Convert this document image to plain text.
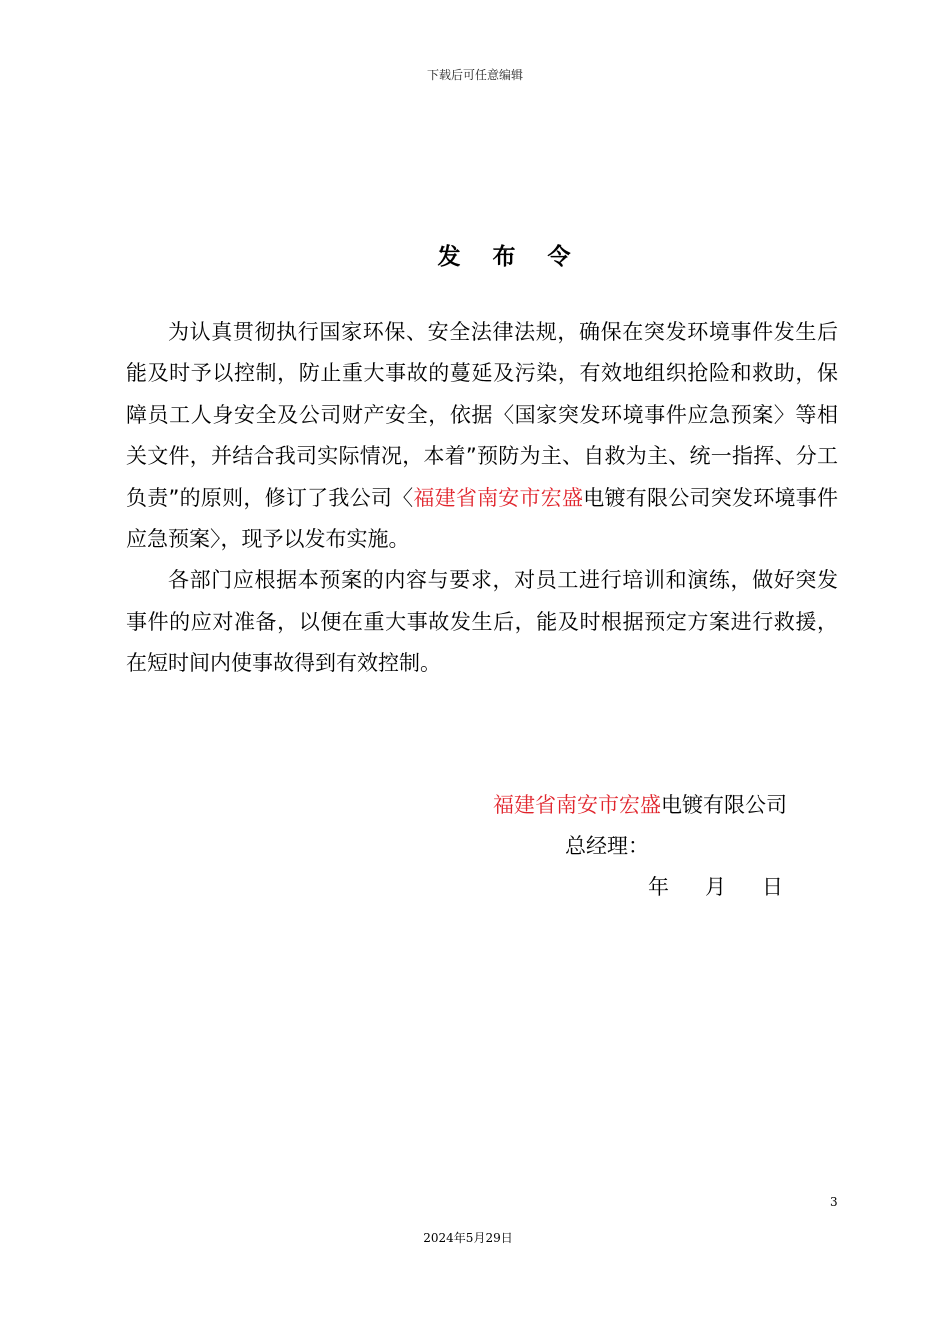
下载后可任意编辑
发布令

为认真贯彻执行国家环保、安全法律法规，确保在突发环境事件发生后能及时予以控制，防止重大事故的蔓延及污染，有效地组织抢险和救助，保障员工人身安全及公司财产安全，依据〈国家突发环境事件应急预案〉等相关文件，并结合我司实际情况，本着”预防为主、自救为主、统一指挥、分工负责”的原则，修订了我公司〈福建省南安市宏盛电镀有限公司突发环境事件应急预案〉，现予以发布实施。

各部门应根据本预案的内容与要求，对员工进行培训和演练，做好突发事件的应对准备，以便在重大事故发生后，能及时根据预定方案进行救援，在短时间内使事故得到有效控制。

福建省南安市宏盛电镀有限公司
总经理：
年 月 日
3
2024年5月29日
